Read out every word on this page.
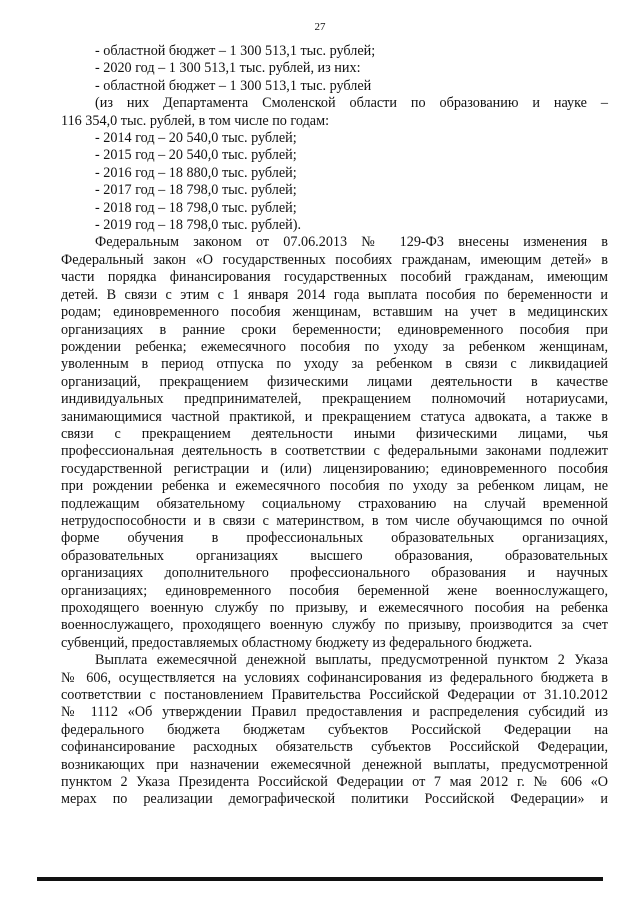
27
- областной бюджет – 1 300 513,1 тыс. рублей;
- 2020 год – 1 300 513,1 тыс. рублей, из них:
- областной бюджет – 1 300 513,1 тыс. рублей
(из них Департамента Смоленской области по образованию и науке –
116 354,0 тыс. рублей, в том числе по годам:
- 2014 год – 20 540,0 тыс. рублей;
- 2015 год – 20 540,0 тыс. рублей;
- 2016 год – 18 880,0 тыс. рублей;
- 2017 год – 18 798,0 тыс. рублей;
- 2018 год – 18 798,0 тыс. рублей;
- 2019 год – 18 798,0 тыс. рублей).
Федеральным законом от 07.06.2013 № 129-ФЗ внесены изменения в
Федеральный закон «О государственных пособиях гражданам, имеющим детей» в
части порядка финансирования государственных пособий гражданам, имеющим
детей. В связи с этим с 1 января 2014 года выплата пособия по беременности и
родам; единовременного пособия женщинам, вставшим на учет в медицинских
организациях в ранние сроки беременности; единовременного пособия при
рождении ребенка; ежемесячного пособия по уходу за ребенком женщинам,
уволенным в период отпуска по уходу за ребенком в связи с ликвидацией
организаций, прекращением физическими лицами деятельности в качестве
индивидуальных предпринимателей, прекращением полномочий нотариусами,
занимающимися частной практикой, и прекращением статуса адвоката, а также в
связи с прекращением деятельности иными физическими лицами, чья
профессиональная деятельность в соответствии с федеральными законами подлежит
государственной регистрации и (или) лицензированию; единовременного пособия
при рождении ребенка и ежемесячного пособия по уходу за ребенком лицам, не
подлежащим обязательному социальному страхованию на случай временной
нетрудоспособности и в связи с материнством, в том числе обучающимся по очной
форме обучения в профессиональных образовательных организациях,
образовательных организациях высшего образования, образовательных
организациях дополнительного профессионального образования и научных
организациях; единовременного пособия беременной жене военнослужащего,
проходящего военную службу по призыву, и ежемесячного пособия на ребенка
военнослужащего, проходящего военную службу по призыву, производится за счет
субвенций, предоставляемых областному бюджету из федерального бюджета.
Выплата ежемесячной денежной выплаты, предусмотренной пунктом 2 Указа
№ 606, осуществляется на условиях софинансирования из федерального бюджета в
соответствии с постановлением Правительства Российской Федерации от 31.10.2012
№ 1112 «Об утверждении Правил предоставления и распределения субсидий из
федерального бюджета бюджетам субъектов Российской Федерации на
софинансирование расходных обязательств субъектов Российской Федерации,
возникающих при назначении ежемесячной денежной выплаты, предусмотренной
пунктом 2 Указа Президента Российской Федерации от 7 мая 2012 г. № 606 «О
мерах по реализации демографической политики Российской Федерации» и
